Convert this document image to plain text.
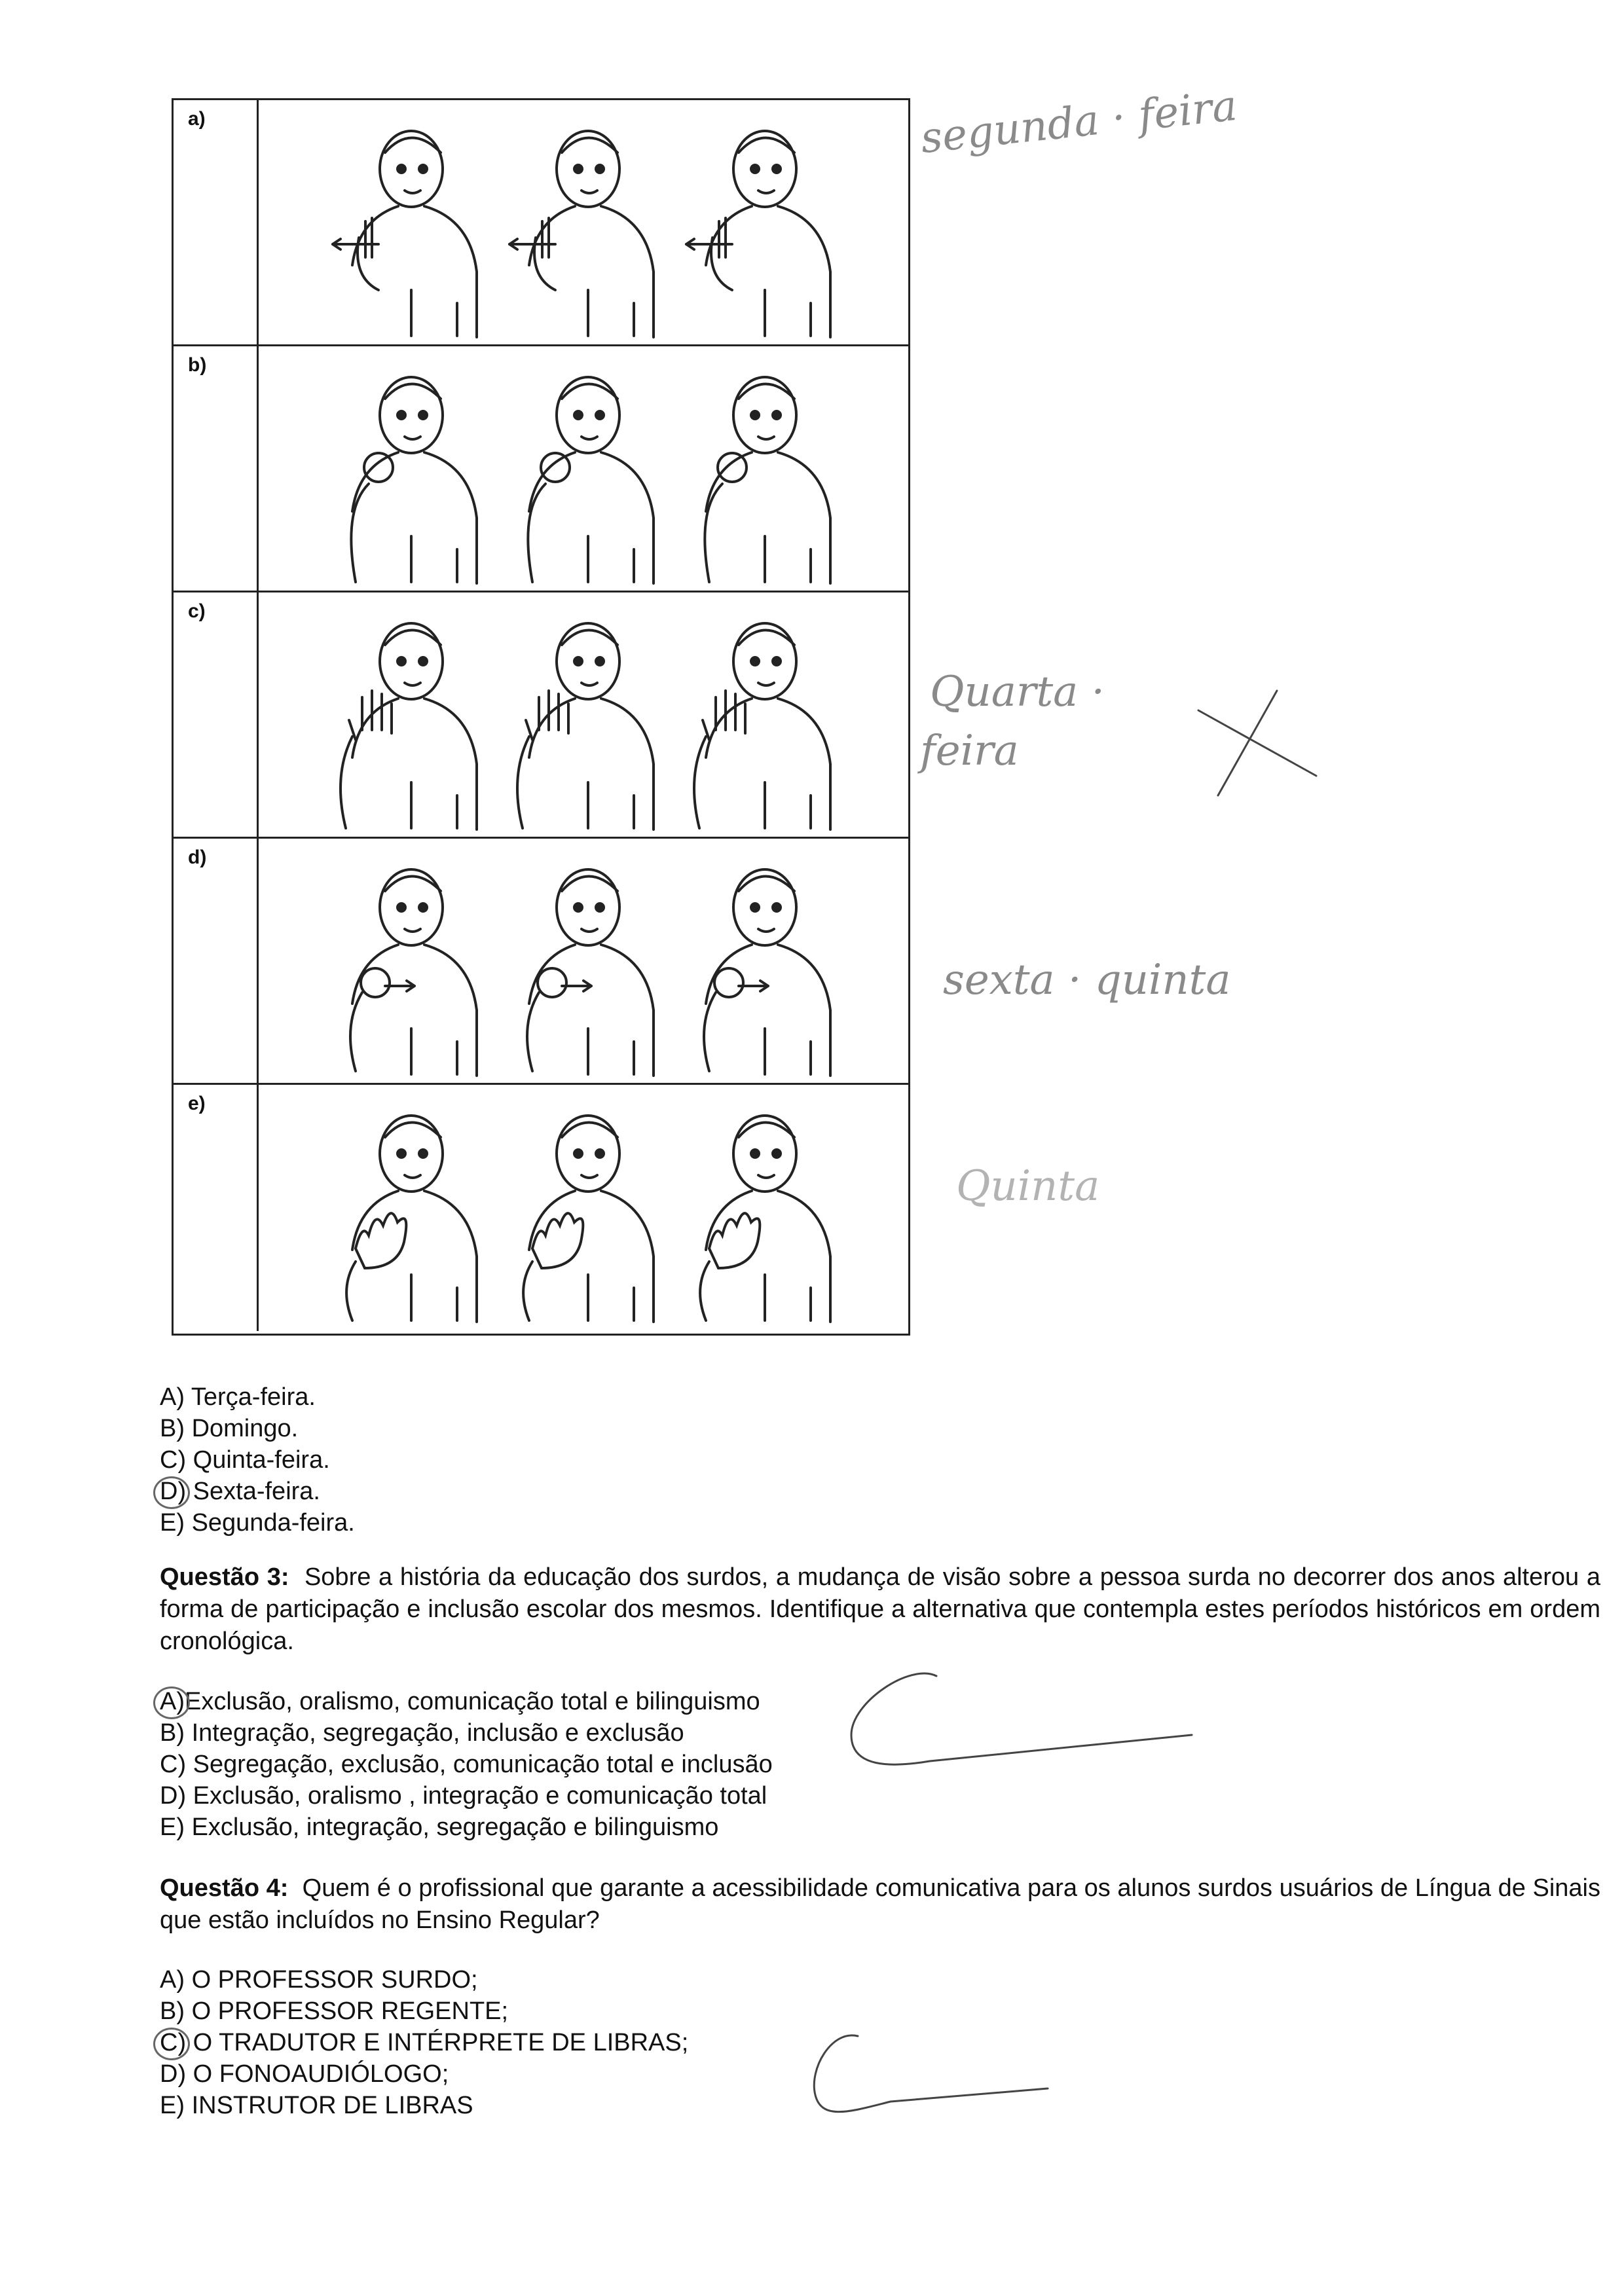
a)
b)
c)
d)
e)
segunda · feira
Quarta ·
feira
sexta · quinta
Quinta
A) Terça-feira.
B) Domingo.
C) Quinta-feira.
D) Sexta-feira.
E) Segunda-feira.
Questão 3: Sobre a história da educação dos surdos, a mudança de visão sobre a pessoa surda no decorrer dos anos alterou a forma de participação e inclusão escolar dos mesmos. Identifique a alternativa que contempla estes períodos históricos em ordem cronológica.
A)Exclusão, oralismo, comunicação total e bilinguismo
B) Integração, segregação, inclusão e exclusão
C) Segregação, exclusão, comunicação total e inclusão
D) Exclusão, oralismo , integração e comunicação total
E) Exclusão, integração, segregação e bilinguismo
Questão 4: Quem é o profissional que garante a acessibilidade comunicativa para os alunos surdos usuários de Língua de Sinais que estão incluídos no Ensino Regular?
A) O PROFESSOR SURDO;
B) O PROFESSOR REGENTE;
C) O TRADUTOR E INTÉRPRETE DE LIBRAS;
D) O FONOAUDIÓLOGO;
E) INSTRUTOR DE LIBRAS
